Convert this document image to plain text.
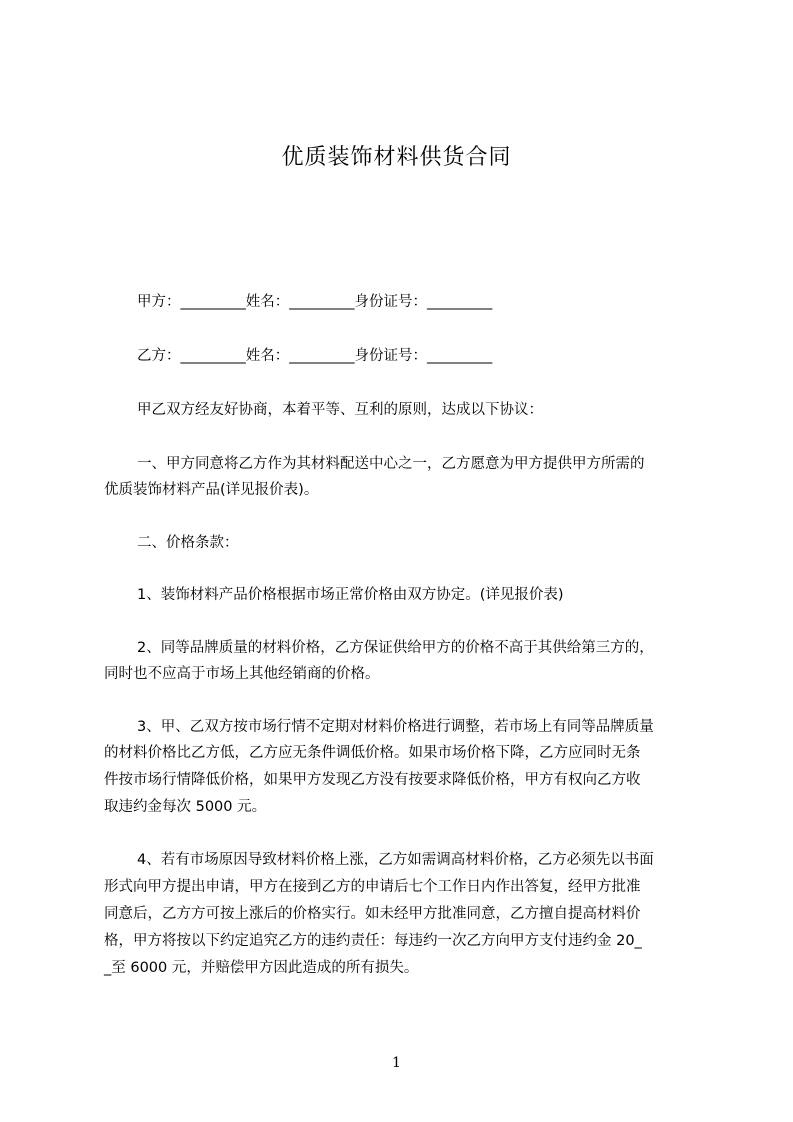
优质装饰材料供货合同
甲方：_________姓名：_________身份证号：_________
乙方：_________姓名：_________身份证号：_________
甲乙双方经友好协商，本着平等、互利的原则，达成以下协议：
一、甲方同意将乙方作为其材料配送中心之一，乙方愿意为甲方提供甲方所需的
优质装饰材料产品(详见报价表)。
二、价格条款：
1、装饰材料产品价格根据市场正常价格由双方协定。(详见报价表)
2、同等品牌质量的材料价格，乙方保证供给甲方的价格不高于其供给第三方的，
同时也不应高于市场上其他经销商的价格。
3、甲、乙双方按市场行情不定期对材料价格进行调整，若市场上有同等品牌质量
的材料价格比乙方低，乙方应无条件调低价格。如果市场价格下降，乙方应同时无条
件按市场行情降低价格，如果甲方发现乙方没有按要求降低价格，甲方有权向乙方收
取违约金每次 5000 元。
4、若有市场原因导致材料价格上涨，乙方如需调高材料价格，乙方必须先以书面
形式向甲方提出申请，甲方在接到乙方的申请后七个工作日内作出答复，经甲方批准
同意后，乙方方可按上涨后的价格实行。如未经甲方批准同意，乙方擅自提高材料价
格，甲方将按以下约定追究乙方的违约责任：每违约一次乙方向甲方支付违约金 20_
_至 6000 元，并赔偿甲方因此造成的所有损失。
1
